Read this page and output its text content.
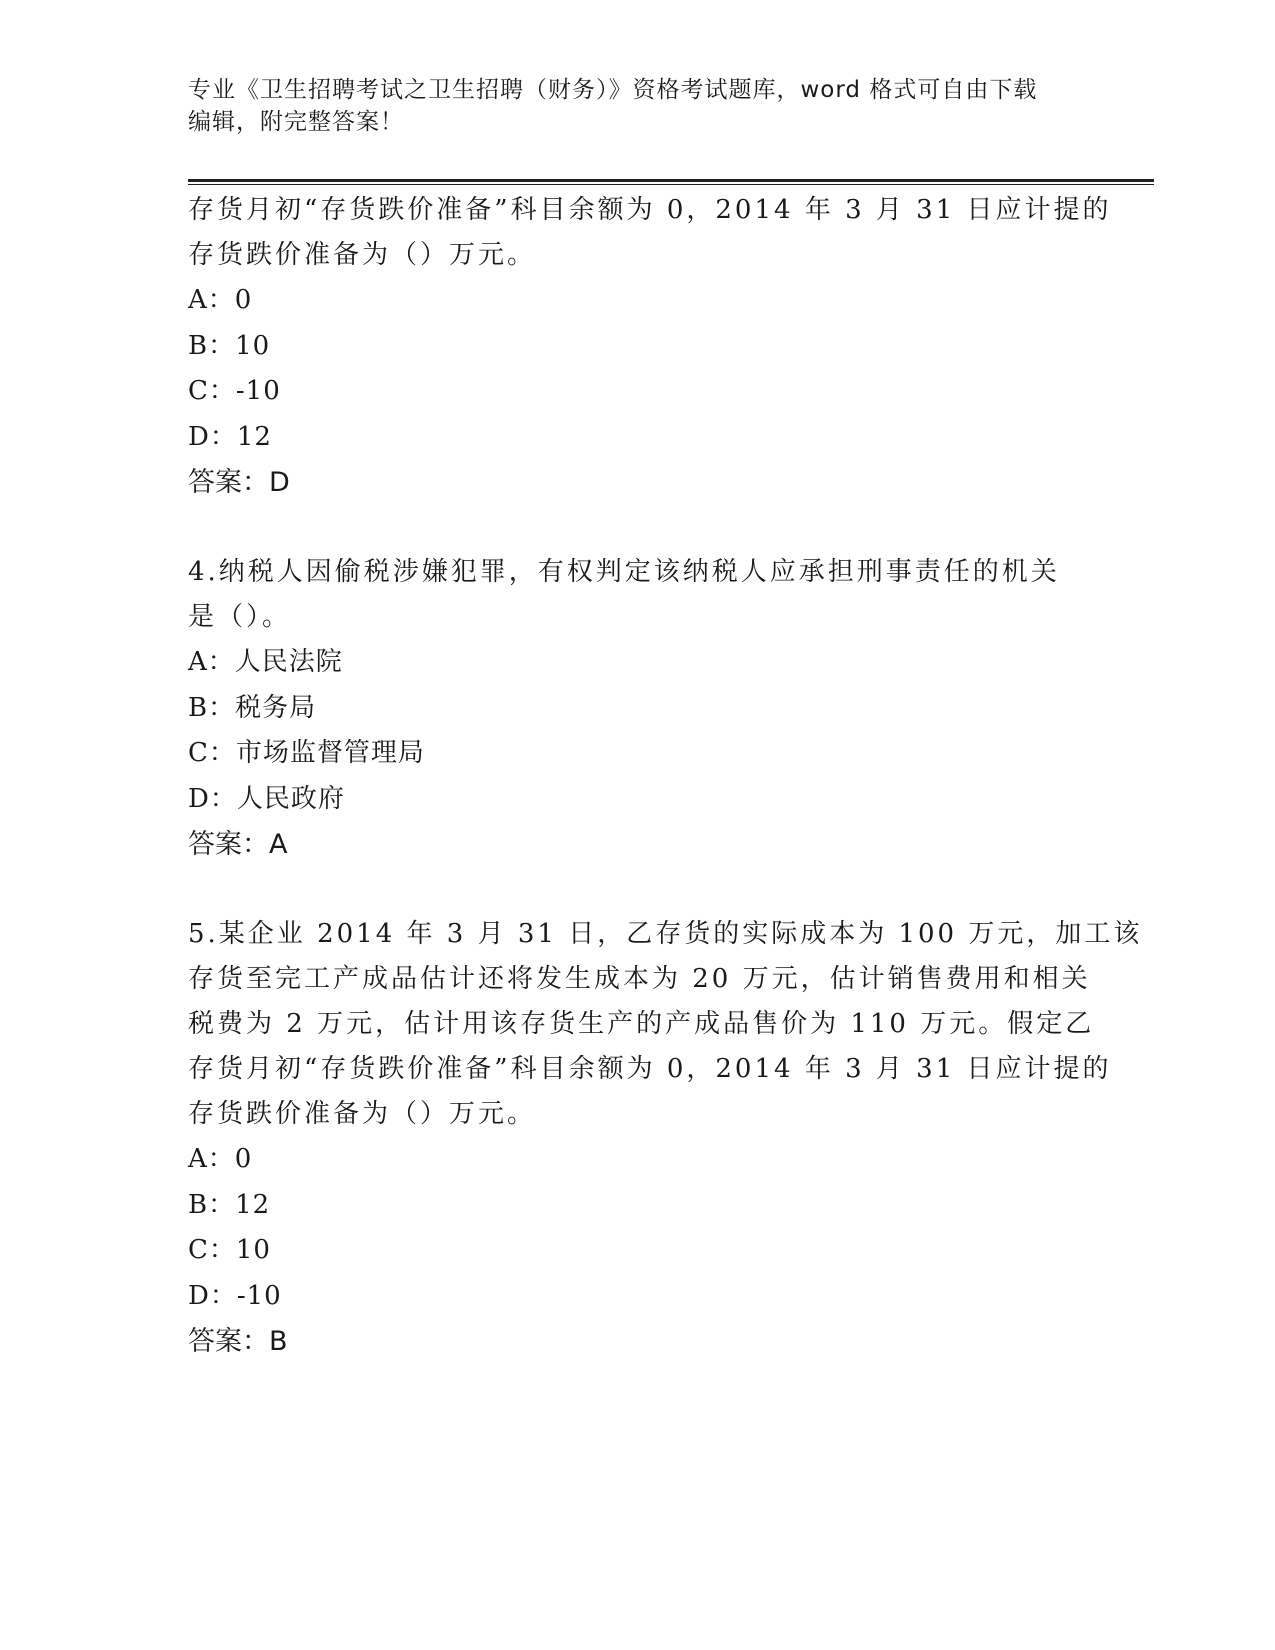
专业《卫生招聘考试之卫生招聘（财务）》资格考试题库，word 格式可自由下载
编辑，附完整答案！
存货月初“存货跌价准备”科目余额为 0，2014 年 3 月 31 日应计提的
存货跌价准备为（）万元。
A：0
B：10
C：-10
D：12
答案：D
4.纳税人因偷税涉嫌犯罪，有权判定该纳税人应承担刑事责任的机关
是（）。
A：人民法院
B：税务局
C：市场监督管理局
D：人民政府
答案：A
5.某企业 2014 年 3 月 31 日，乙存货的实际成本为 100 万元，加工该
存货至完工产成品估计还将发生成本为 20 万元，估计销售费用和相关
税费为 2 万元，估计用该存货生产的产成品售价为 110 万元。假定乙
存货月初“存货跌价准备”科目余额为 0，2014 年 3 月 31 日应计提的
存货跌价准备为（）万元。
A：0
B：12
C：10
D：-10
答案：B
